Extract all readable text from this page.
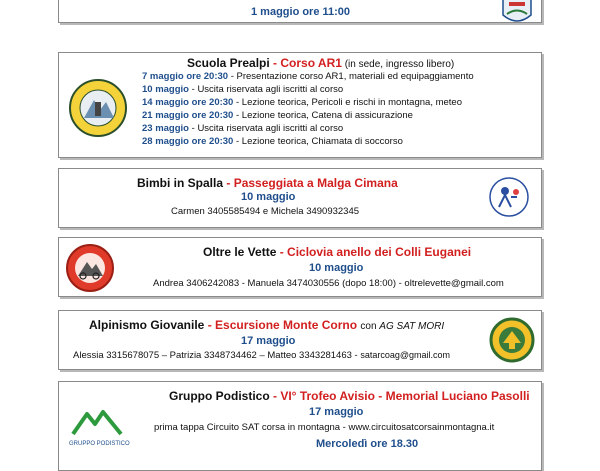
1 maggio ore 11:00
Scuola Prealpi - Corso AR1 (in sede, ingresso libero)
7 maggio ore 20:30 - Presentazione corso AR1, materiali ed equipaggiamento
10 maggio - Uscita riservata agli iscritti al corso
14 maggio ore 20:30 - Lezione teorica, Pericoli e rischi in montagna, meteo
21 maggio ore 20:30 - Lezione teorica, Catena di assicurazione
23 maggio - Uscita riservata agli iscritti al corso
28 maggio ore 20:30 - Lezione teorica, Chiamata di soccorso
Bimbi in Spalla - Passeggiata a Malga Cimana
10 maggio
Carmen 3405585494 e Michela 3490932345
Oltre le Vette - Ciclovia anello dei Colli Euganei
10 maggio
Andrea 3406242083 - Manuela 3474030556 (dopo 18:00) - oltrelevette@gmail.com
Alpinismo Giovanile - Escursione Monte Corno con AG SAT MORI
17 maggio
Alessia 3315678075 – Patrizia 3348734462 – Matteo 3343281463 - satarcoag@gmail.com
Gruppo Podistico - VI° Trofeo Avisio - Memorial Luciano Pasolli
17 maggio
prima tappa Circuito SAT corsa in montagna - www.circuitosatcorsainmontagna.it
Mercoledì ore 18.30
GRUPPO PODISTICO
